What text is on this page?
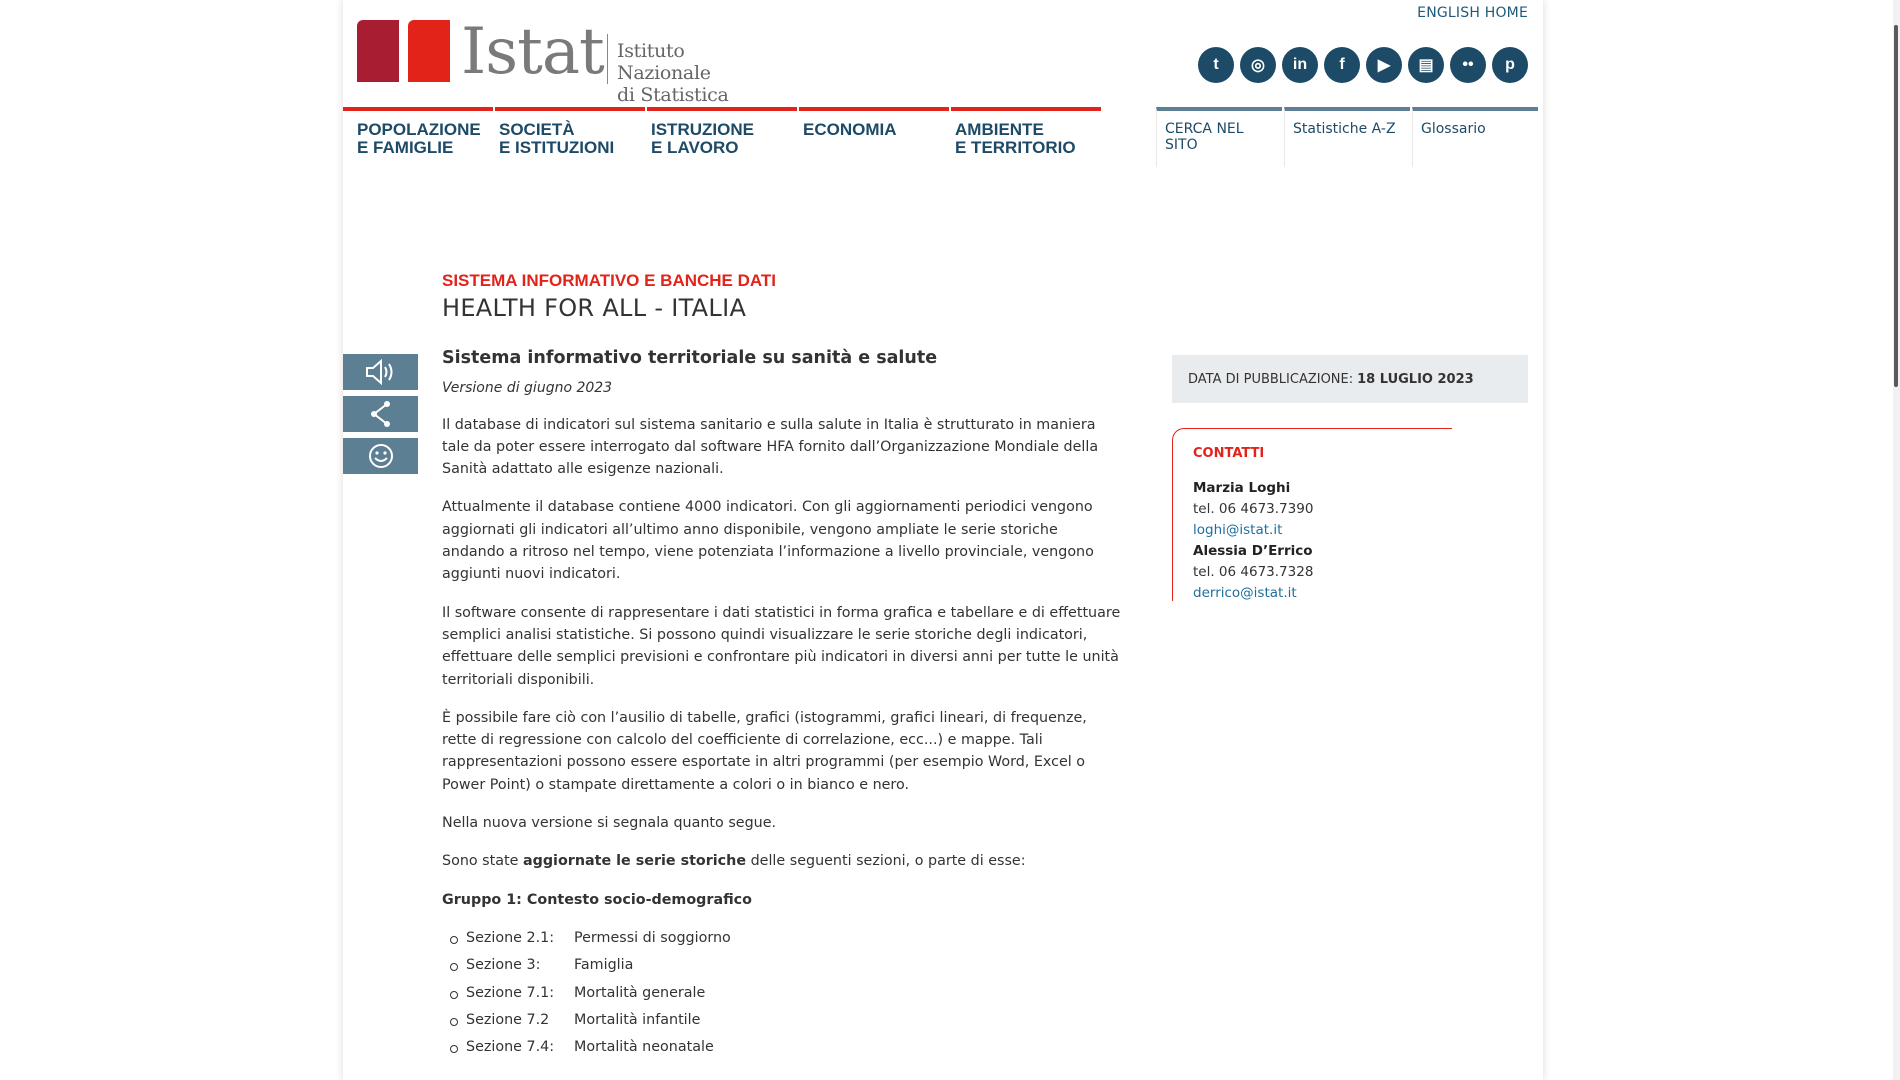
ENGLISH HOME
Istat Istituto Nazionale
di Statistica
t	◎	in	f	▶	▤	••	p
POPOLAZIONE
E FAMIGLIE
SOCIETÀ
E ISTITUZIONI
ISTRUZIONE
E LAVORO
ECONOMIA	AMBIENTE
E TERRITORIO
CERCA NEL SITO
Statistiche A-Z	Glossario
SISTEMA INFORMATIVO E BANCHE DATI
HEALTH FOR ALL - ITALIA
Sistema informativo territoriale su sanità e salute
Versione di giugno 2023

Il database di indicatori sul sistema sanitario e sulla salute in Italia è strutturato in maniera tale da poter essere interrogato dal software HFA fornito dall’Organizzazione Mondiale della Sanità adattato alle esigenze nazionali.

Attualmente il database contiene 4000 indicatori. Con gli aggiornamenti periodici vengono aggiornati gli indicatori all’ultimo anno disponibile, vengono ampliate le serie storiche andando a ritroso nel tempo, viene potenziata l’informazione a livello provinciale, vengono aggiunti nuovi indicatori.

Il software consente di rappresentare i dati statistici in forma grafica e tabellare e di effettuare semplici analisi statistiche. Si possono quindi visualizzare le serie storiche degli indicatori, effettuare delle semplici previsioni e confrontare più indicatori in diversi anni per tutte le unità territoriali disponibili.

È possibile fare ciò con l’ausilio di tabelle, grafici (istogrammi, grafici lineari, di frequenze, rette di regressione con calcolo del coefficiente di correlazione, ecc...) e mappe. Tali rappresentazioni possono essere esportate in altri programmi (per esempio Word, Excel o Power Point) o stampate direttamente a colori o in bianco e nero.

Nella nuova versione si segnala quanto segue.

Sono state aggiornate le serie storiche delle seguenti sezioni, o parte di esse:

Gruppo 1: Contesto socio-demografico
Sezione 2.1: Permessi di soggiorno
Sezione 3: Famiglia
Sezione 7.1: Mortalità generale
Sezione 7.2 Mortalità infantile
Sezione 7.4: Mortalità neonatale
DATA DI PUBBLICAZIONE: 18 LUGLIO 2023
CONTATTI
Marzia Loghi
tel. 06 4673.7390
loghi@istat.it
Alessia D’Errico
tel. 06 4673.7328
derrico@istat.it
